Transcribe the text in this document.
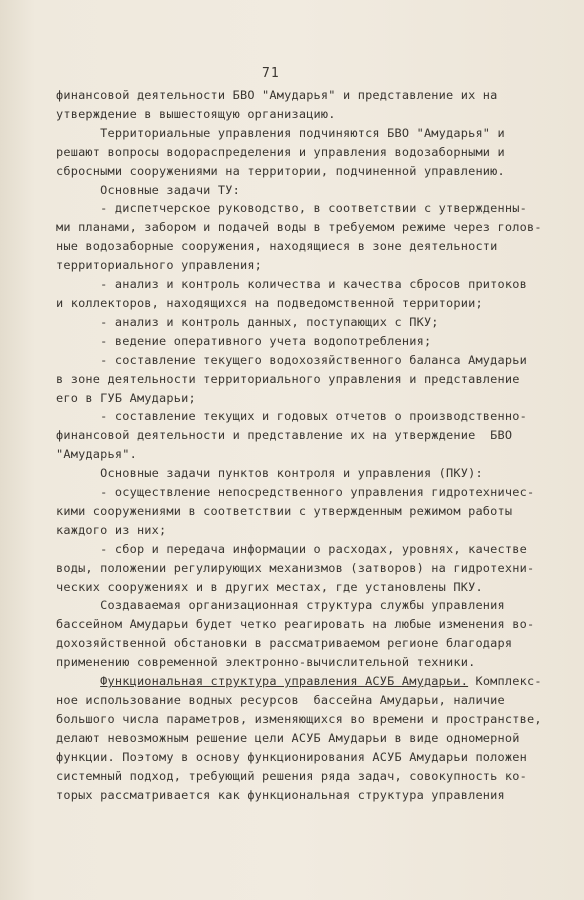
71
финансовой деятельности БВО "Амударья" и представление их на
утверждение в вышестоящую организацию.
Территориальные управления подчиняются БВО "Амударья" и
решают вопросы водораспределения и управления водозаборными и
сбросными сооружениями на территории, подчиненной управлению.
Основные задачи ТУ:
- диспетчерское руководство, в соответствии с утвержденны-
ми планами, забором и подачей воды в требуемом режиме через голов-
ные водозаборные сооружения, находящиеся в зоне деятельности
территориального управления;
- анализ и контроль количества и качества сбросов притоков
и коллекторов, находящихся на подведомственной территории;
- анализ и контроль данных, поступающих с ПКУ;
- ведение оперативного учета водопотребления;
- составление текущего водохозяйственного баланса Амударьи
в зоне деятельности территориального управления и представление
его в ГУБ Амударьи;
- составление текущих и годовых отчетов о производственно-
финансовой деятельности и представление их на утверждение  БВО
"Амударья".
Основные задачи пунктов контроля и управления (ПКУ):
- осуществление непосредственного управления гидротехничес-
кими сооружениями в соответствии с утвержденным режимом работы
каждого из них;
- сбор и передача информации о расходах, уровнях, качестве
воды, положении регулирующих механизмов (затворов) на гидротехни-
ческих сооружениях и в других местах, где установлены ПКУ.
Создаваемая организационная структура службы управления
бассейном Амударьи будет четко реагировать на любые изменения во-
дохозяйственной обстановки в рассматриваемом регионе благодаря
применению современной электронно-вычислительной техники.
Функциональная структура управления АСУБ Амударьи. Комплекс-
ное использование водных ресурсов  бассейна Амударьи, наличие
большого числа параметров, изменяющихся во времени и пространстве,
делают невозможным решение цели АСУБ Амударьи в виде одномерной
функции. Поэтому в основу функционирования АСУБ Амударьи положен
системный подход, требующий решения ряда задач, совокупность ко-
торых рассматривается как функциональная структура управления
